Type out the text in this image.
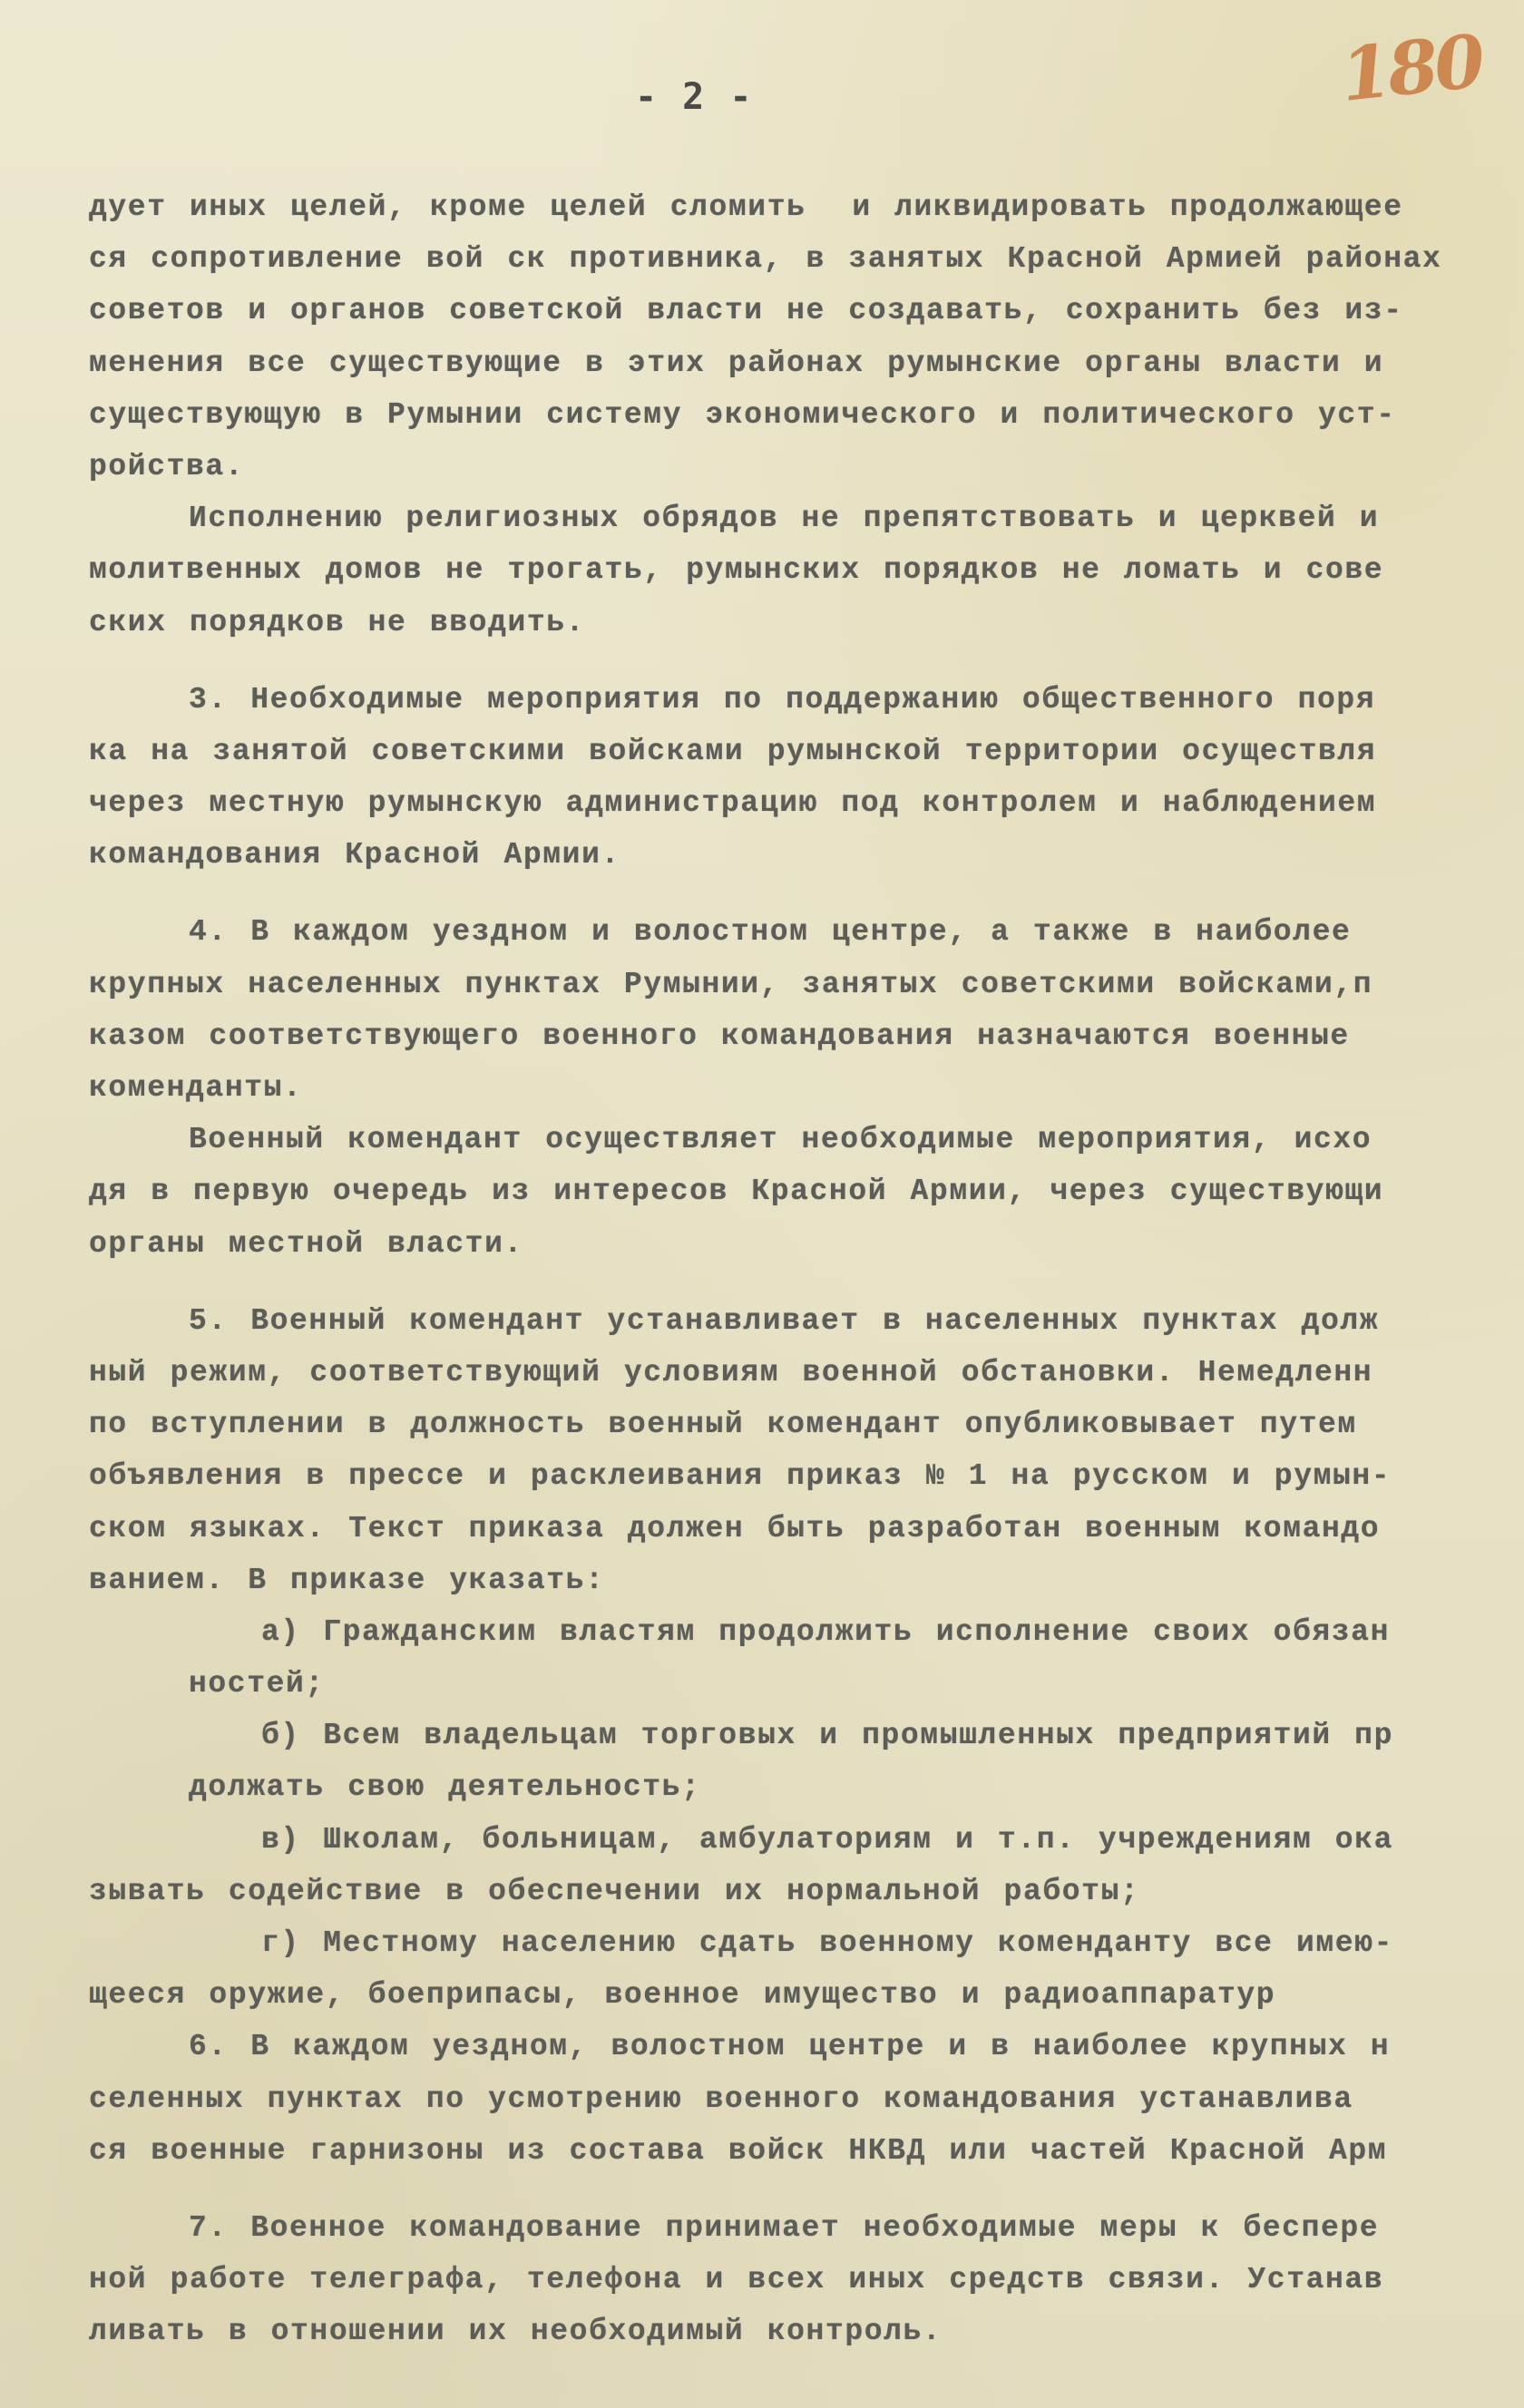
180
- 2 -
дует иных целей, кроме целей сломить  и ликвидировать продолжающее
ся сопротивление вой ск противника, в занятых Красной Армией районах
советов и органов советской власти не создавать, сохранить без из-
менения все существующие в этих районах румынские органы власти и
существующую в Румынии систему экономического и политического уст-
ройства.
Исполнению религиозных обрядов не препятствовать и церквей и
молитвенных домов не трогать, румынских порядков не ломать и сове
ских порядков не вводить.
3. Необходимые мероприятия по поддержанию общественного поря
ка на занятой советскими войсками румынской территории осуществля
через местную румынскую администрацию под контролем и наблюдением
командования Красной Армии.
4. В каждом уездном и волостном центре, а также в наиболее
крупных населенных пунктах Румынии, занятых советскими войсками,п
казом соответствующего военного командования назначаются военные
коменданты.
Военный комендант осуществляет необходимые мероприятия, исхо
дя в первую очередь из интересов Красной Армии, через существующи
органы местной власти.
5. Военный комендант устанавливает в населенных пунктах долж
ный режим, соответствующий условиям военной обстановки. Немедленн
по вступлении в должность военный комендант опубликовывает путем
объявления в прессе и расклеивания приказ № 1 на русском и румын-
ском языках. Текст приказа должен быть разработан военным командо
ванием. В приказе указать:
а) Гражданским властям продолжить исполнение своих обязан
ностей;
б) Всем владельцам торговых и промышленных предприятий пр
должать свою деятельность;
в) Школам, больницам, амбулаториям и т.п. учреждениям ока
зывать содействие в обеспечении их нормальной работы;
г) Местному населению сдать военному коменданту все имею-
щееся оружие, боеприпасы, военное имущество и радиоаппаратур
6. В каждом уездном, волостном центре и в наиболее крупных н
селенных пунктах по усмотрению военного командования устанавлива
ся военные гарнизоны из состава войск НКВД или частей Красной Арм
7. Военное командование принимает необходимые меры к беспере
ной работе телеграфа, телефона и всех иных средств связи. Устанав
ливать в отношении их необходимый контроль.
